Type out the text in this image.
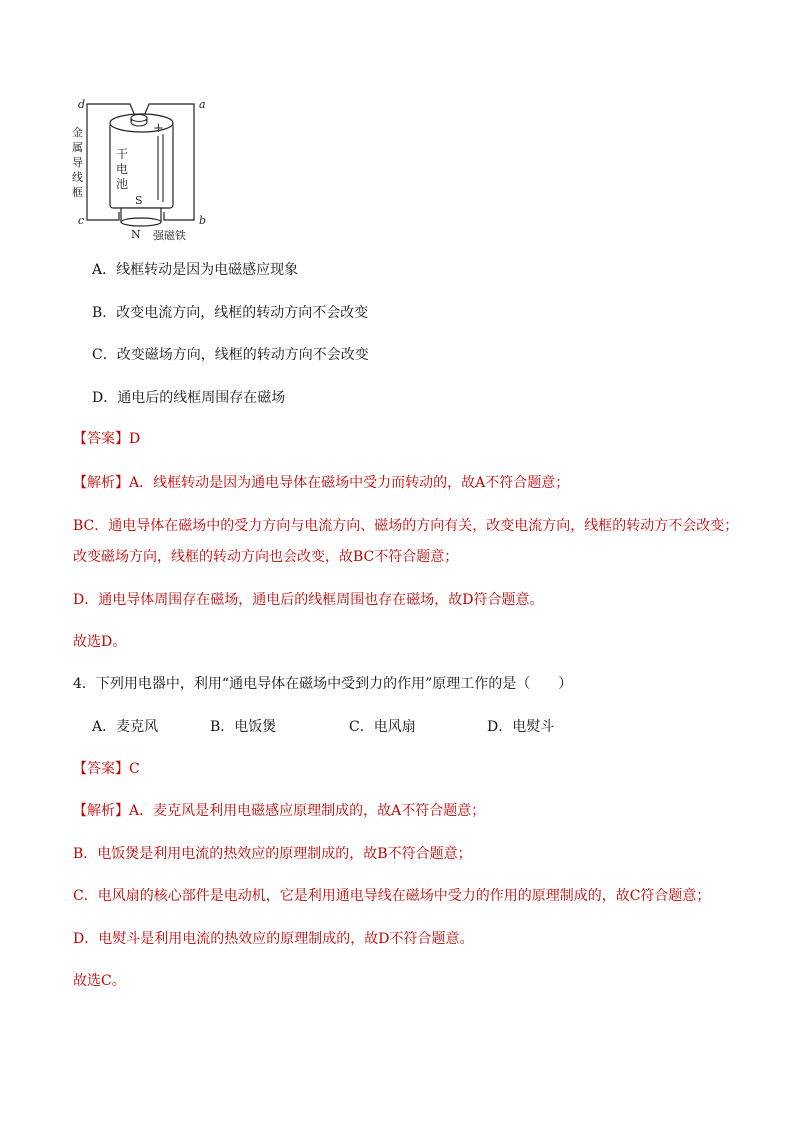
d	a
c	b
+
S
N 强磁铁
金
属
导
线
框
干
电
池
A．线框转动是因为电磁感应现象
B．改变电流方向，线框的转动方向不会改变
C．改变磁场方向，线框的转动方向不会改变
D．通电后的线框周围存在磁场
【答案】D
【解析】A．线框转动是因为通电导体在磁场中受力而转动的，故A不符合题意；
BC．通电导体在磁场中的受力方向与电流方向、磁场的方向有关，改变电流方向，线框的转动方不会改变；
改变磁场方向，线框的转动方向也会改变，故BC不符合题意；
D．通电导体周围存在磁场，通电后的线框周围也存在磁场，故D符合题意。
故选D。
4．下列用电器中，利用“通电导体在磁场中受到力的作用”原理工作的是（　　）
A．麦克风	B．电饭煲	C．电风扇	D．电熨斗
【答案】C
【解析】A．麦克风是利用电磁感应原理制成的，故A不符合题意；
B．电饭煲是利用电流的热效应的原理制成的，故B不符合题意；
C．电风扇的核心部件是电动机，它是利用通电导线在磁场中受力的作用的原理制成的，故C符合题意；
D．电熨斗是利用电流的热效应的原理制成的，故D不符合题意。
故选C。
